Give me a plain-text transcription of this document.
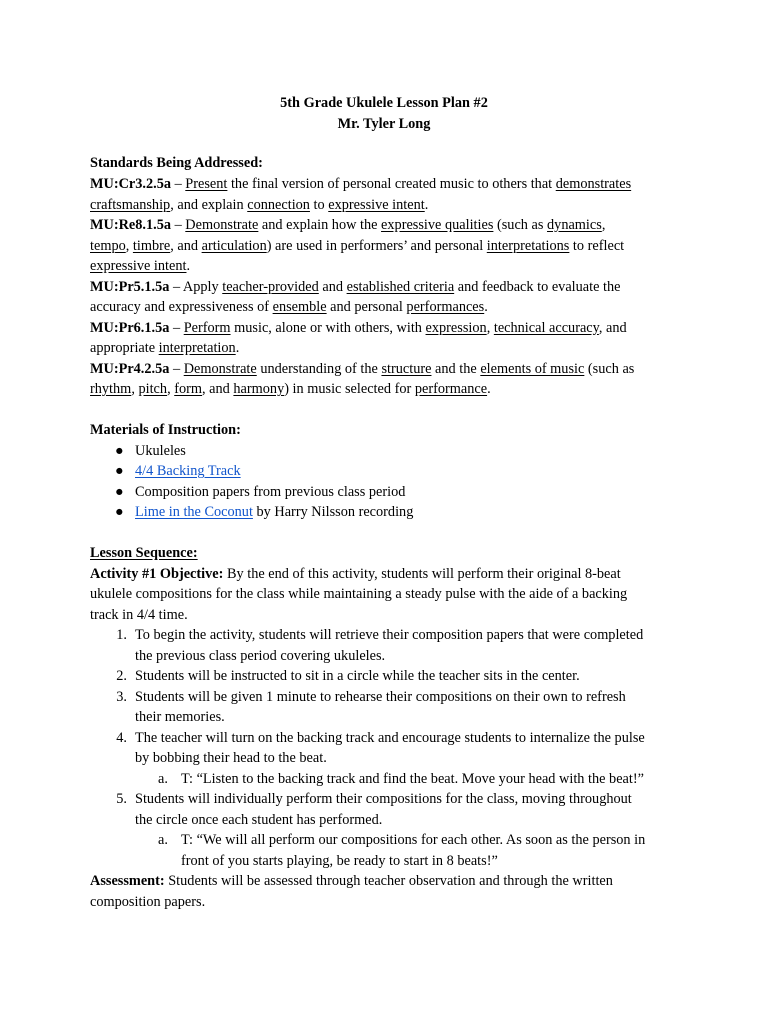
5th Grade Ukulele Lesson Plan #2
Mr. Tyler Long
Standards Being Addressed:
MU:Cr3.2.5a – Present the final version of personal created music to others that demonstrates
craftsmanship, and explain connection to expressive intent.
MU:Re8.1.5a – Demonstrate and explain how the expressive qualities (such as dynamics,
tempo, timbre, and articulation) are used in performers’ and personal interpretations to reflect
expressive intent.
MU:Pr5.1.5a – Apply teacher-provided and established criteria and feedback to evaluate the
accuracy and expressiveness of ensemble and personal performances.
MU:Pr6.1.5a – Perform music, alone or with others, with expression, technical accuracy, and
appropriate interpretation.
MU:Pr4.2.5a – Demonstrate understanding of the structure and the elements of music (such as
rhythm, pitch, form, and harmony) in music selected for performance.
Materials of Instruction:
● Ukuleles
● 4/4 Backing Track
● Composition papers from previous class period
● Lime in the Coconut by Harry Nilsson recording
Lesson Sequence:
Activity #1 Objective: By the end of this activity, students will perform their original 8-beat
ukulele compositions for the class while maintaining a steady pulse with the aide of a backing
track in 4/4 time.
1. To begin the activity, students will retrieve their composition papers that were completed
the previous class period covering ukuleles.
2. Students will be instructed to sit in a circle while the teacher sits in the center.
3. Students will be given 1 minute to rehearse their compositions on their own to refresh
their memories.
4. The teacher will turn on the backing track and encourage students to internalize the pulse
by bobbing their head to the beat.
a. T: “Listen to the backing track and find the beat. Move your head with the beat!”
5. Students will individually perform their compositions for the class, moving throughout
the circle once each student has performed.
a. T: “We will all perform our compositions for each other. As soon as the person in
front of you starts playing, be ready to start in 8 beats!”
Assessment: Students will be assessed through teacher observation and through the written
composition papers.
